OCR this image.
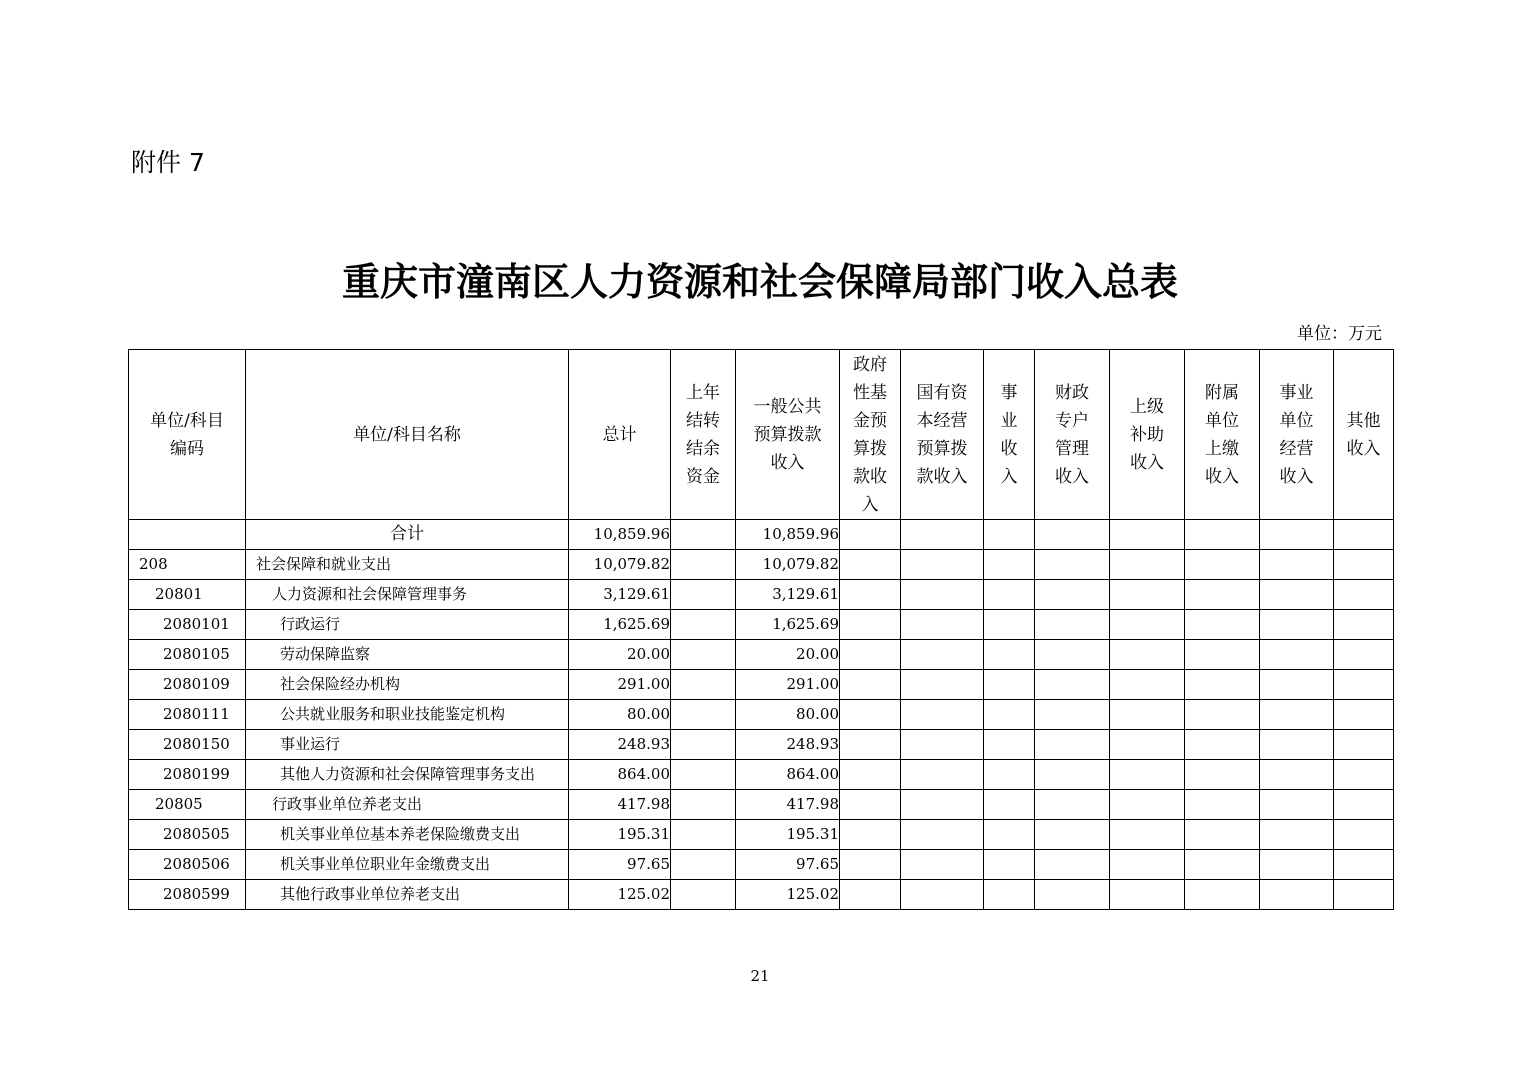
附件 7
重庆市潼南区人力资源和社会保障局部门收入总表
单位：万元
单位/科目编码	单位/科目名称	总计	上年结转结余资金	一般公共预算拨款收入	政府性基金预算拨款收入	国有资本经营预算拨款收入	事业收入	财政专户管理收入	上级补助收入	附属单位上缴收入	事业单位经营收入	其他收入
	合计	10,859.96		10,859.96								
208	社会保障和就业支出	10,079.82		10,079.82								
20801	人力资源和社会保障管理事务	3,129.61		3,129.61								
2080101	行政运行	1,625.69		1,625.69								
2080105	劳动保障监察	20.00		20.00								
2080109	社会保险经办机构	291.00		291.00								
2080111	公共就业服务和职业技能鉴定机构	80.00		80.00								
2080150	事业运行	248.93		248.93								
2080199	其他人力资源和社会保障管理事务支出	864.00		864.00								
20805	行政事业单位养老支出	417.98		417.98								
2080505	机关事业单位基本养老保险缴费支出	195.31		195.31								
2080506	机关事业单位职业年金缴费支出	97.65		97.65								
2080599	其他行政事业单位养老支出	125.02		125.02								
21
